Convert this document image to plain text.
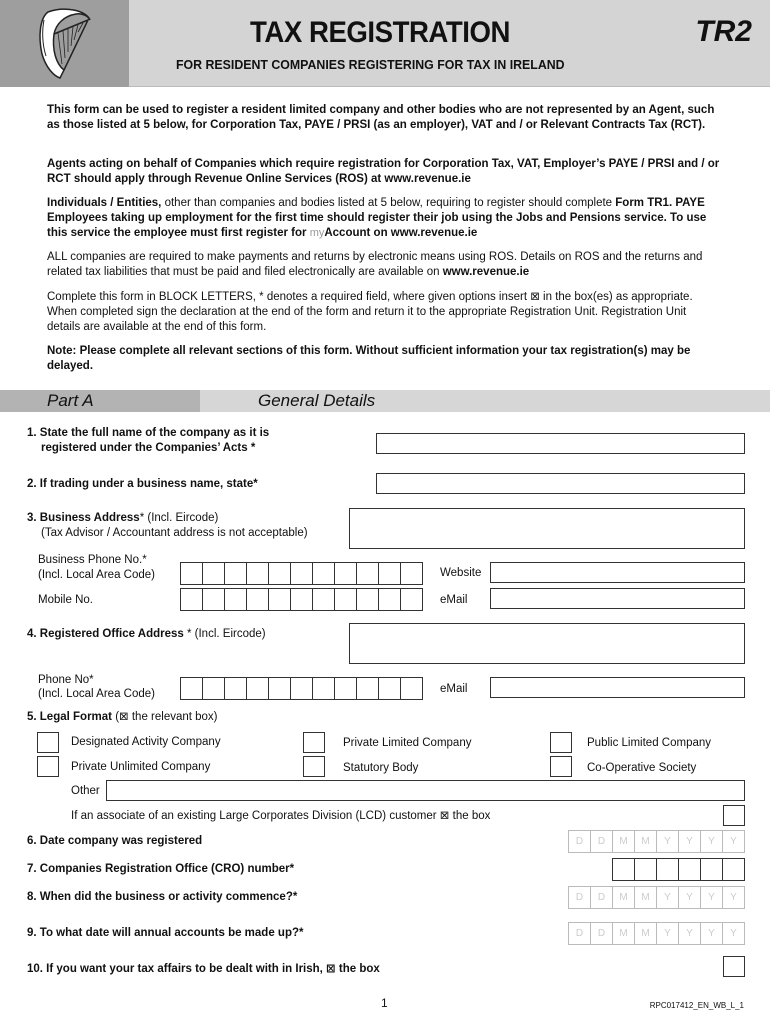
TAX REGISTRATION	TR2
FOR RESIDENT COMPANIES REGISTERING FOR TAX IN IRELAND
This form can be used to register a resident limited company and other bodies who are not represented by an Agent, such as those listed at 5 below, for Corporation Tax, PAYE / PRSI (as an employer), VAT and / or Relevant Contracts Tax (RCT).
Agents acting on behalf of Companies which require registration for Corporation Tax, VAT, Employer’s PAYE / PRSI and / or RCT should apply through Revenue Online Services (ROS) at www.revenue.ie
Individuals / Entities, other than companies and bodies listed at 5 below, requiring to register should complete Form TR1. PAYE Employees taking up employment for the first time should register their job using the Jobs and Pensions service. To use this service the employee must first register for myAccount on www.revenue.ie
ALL companies are required to make payments and returns by electronic means using ROS. Details on ROS and the returns and related tax liabilities that must be paid and filed electronically are available on www.revenue.ie
Complete this form in BLOCK LETTERS, * denotes a required field, where given options insert ⊠ in the box(es) as appropriate. When completed sign the declaration at the end of the form and return it to the appropriate Registration Unit. Registration Unit details are available at the end of this form.
Note: Please complete all relevant sections of this form. Without sufficient information your tax registration(s) may be delayed.
Part A	General Details
1. State the full name of the company as it is
registered under the Companies’ Acts *
2. If trading under a business name, state*
3. Business Address* (Incl. Eircode)
(Tax Advisor / Accountant address is not acceptable)
Business Phone No.*
(Incl. Local Area Code)	Website
Mobile No.	eMail
4. Registered Office Address * (Incl. Eircode)
Phone No*
(Incl. Local Area Code)	eMail
5. Legal Format (⊠ the relevant box)
Designated Activity Company	Private Limited Company	Public Limited Company
Private Unlimited Company	Statutory Body	Co-Operative Society
Other
If an associate of an existing Large Corporates Division (LCD) customer ⊠ the box
6. Date company was registered	D	D	M	M	Y	Y	Y	Y
7. Companies Registration Office (CRO) number*
8. When did the business or activity commence?*	D	D	M	M	Y	Y	Y	Y
9. To what date will annual accounts be made up?*	D	D	M	M	Y	Y	Y	Y
10. If you want your tax affairs to be dealt with in Irish, ⊠ the box
1	RPC017412_EN_WB_L_1
